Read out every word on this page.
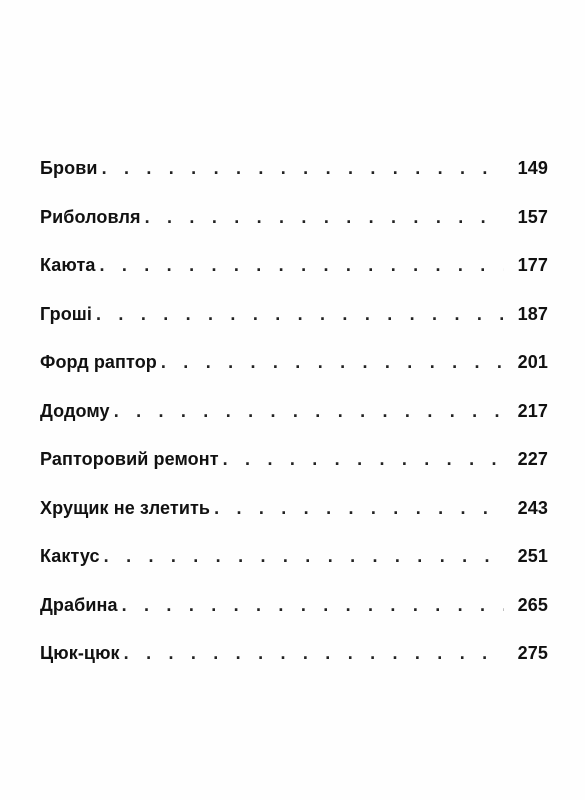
Брови . . .	149
Риболовля . . .	157
Каюта . . .	177
Гроші . . .	187
Форд раптор . . .	201
Додому . . .	217
Рапторовий ремонт . . .	227
Хрущик не злетить . . .	243
Кактус . . .	251
Драбина . . .	265
Цюк-цюк . . .	275
